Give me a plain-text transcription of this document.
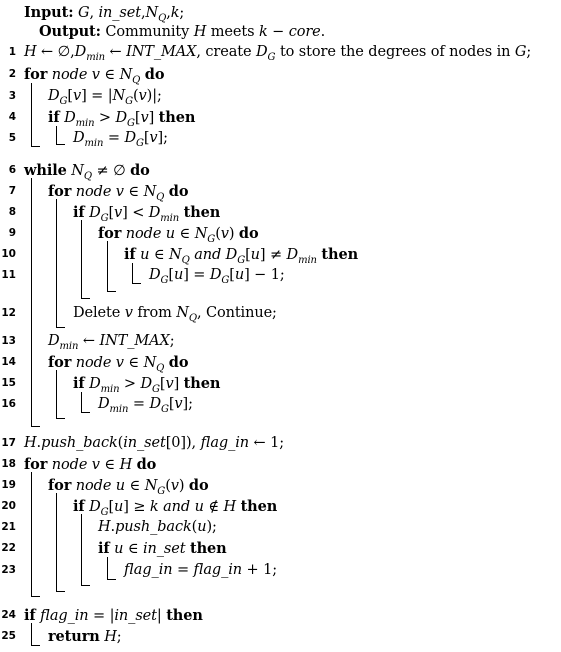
Input: G, $in\_set,N_Q,k$;
Output: Community H meets k − core.
1 H ← $\emptyset,D_{min}$ ← INT_MAX, create $D_G$ to store the degrees of nodes in G;
2 for node v ∈ $N_Q$ do
3 $D_G[v] = |N_G(v)|$;
4 if $D_{min} > D_G[v]$ then
5	$D_{min} = D_G[v]$;
6 while $N_Q$ ≠ ∅ do
7 for node v ∈ $N_Q$ do
8	if $D_G[v] < D_{min}$ then
9	for node u ∈ $N_G(v)$ do
10	if u ∈ $N_Q$ and $D_G[u] \ne D_{min}$ then
11	$D_G[u] = D_G[u] - 1$;
12	Delete v from $N_Q$, Continue;
13 $D_{min}$ ← INT_MAX;
14 for node v ∈ $N_Q$ do
15	if $D_{min} > D_G[v]$ then
16	$D_{min} = D_G[v]$;
17 H.push_back(in_set[0]), flag_in ← 1;
18 for node v ∈ H do
19 for node u ∈ $N_G(v)$ do
20	if $D_G[u] \ge k$ and u ∉ H then
21	H.push_back(u);
22	if u ∈ in_set then
23	flag_in = flag_in + 1;
24 if flag_in = |in_set| then
25 return H;
